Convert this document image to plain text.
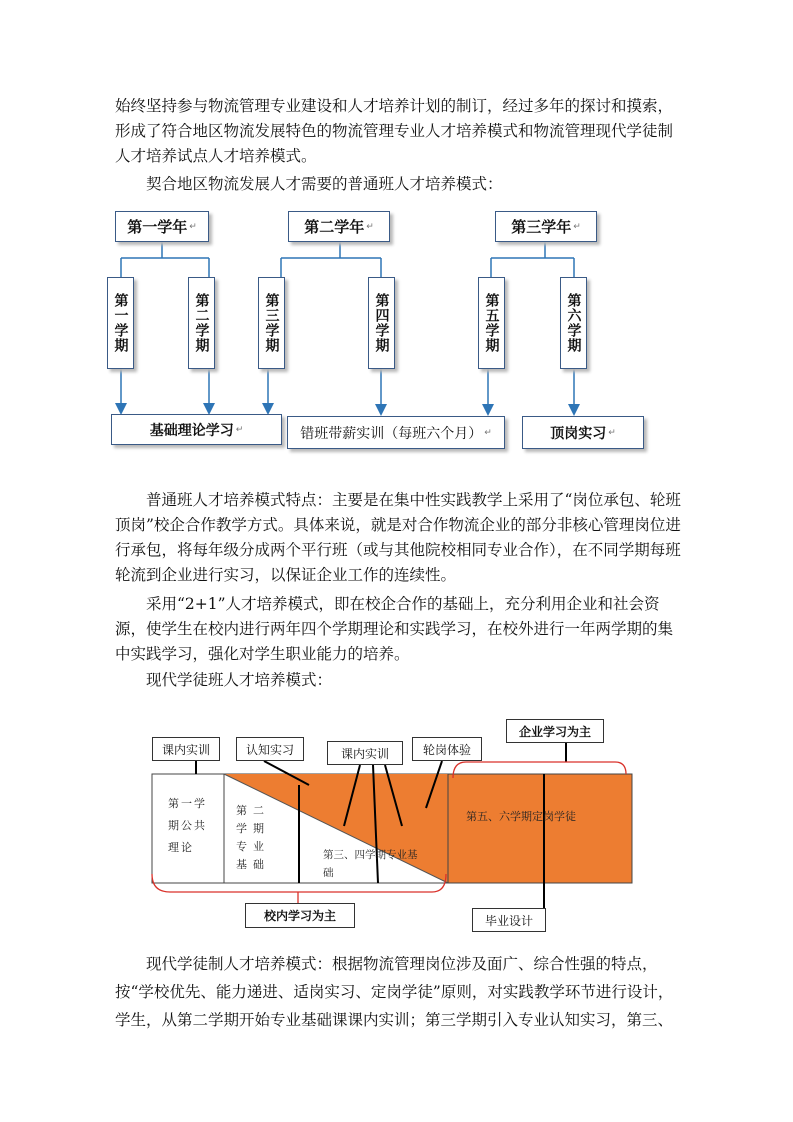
始终坚持参与物流管理专业建设和人才培养计划的制订，经过多年的探讨和摸索，形成了符合地区物流发展特色的物流管理专业人才培养模式和物流管理现代学徒制人才培养试点人才培养模式。
契合地区物流发展人才需要的普通班人才培养模式：
第一学年 ↵	第二学年 ↵	第三学年 ↵
第一学期	第二学期	第三学期	第四学期	第五学期	第六学期
基础理论学习 ↵	错班带薪实训（每班六个月） ↵	顶岗实习 ↵
普通班人才培养模式特点：主要是在集中性实践教学上采用了“岗位承包、轮班顶岗”校企合作教学方式。具体来说，就是对合作物流企业的部分非核心管理岗位进行承包，将每年级分成两个平行班（或与其他院校相同专业合作），在不同学期每班轮流到企业进行实习，以保证企业工作的连续性。
采用“2+1”人才培养模式，即在校企合作的基础上，充分利用企业和社会资源，使学生在校内进行两年四个学期理论和实践学习，在校外进行一年两学期的集中实践学习，强化对学生职业能力的培养。
现代学徒班人才培养模式：
课内实训	认知实习	课内实训	轮岗体验
企业学习为主
校内学习为主	毕业设计
第一学期公共理论
第二学期专业基础
第三、四学期专业基础
第五、六学期定岗学徒
现代学徒制人才培养模式：根据物流管理岗位涉及面广、综合性强的特点，按“学校优先、能力递进、适岗实习、定岗学徒”原则，对实践教学环节进行设计，学生，从第二学期开始专业基础课课内实训；第三学期引入专业认知实习，第三、
